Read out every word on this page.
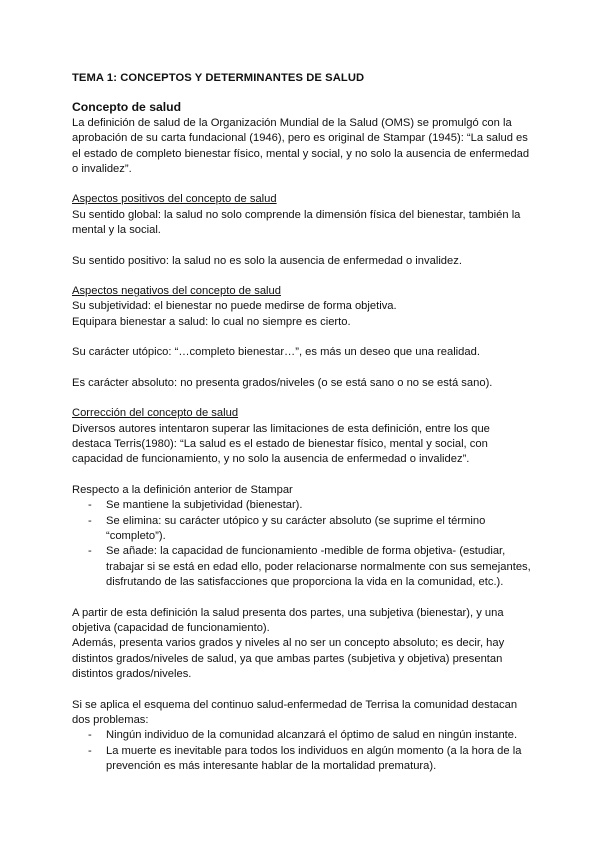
TEMA 1: CONCEPTOS Y DETERMINANTES DE SALUD

Concepto de salud

La definición de salud de la Organización Mundial de la Salud (OMS) se promulgó con la aprobación de su carta fundacional (1946), pero es original de Stampar (1945): “La salud es el estado de completo bienestar físico, mental y social, y no solo la ausencia de enfermedad o invalidez”.

Aspectos positivos del concepto de salud

Su sentido global: la salud no solo comprende la dimensión física del bienestar, también la mental y la social.

Su sentido positivo: la salud no es solo la ausencia de enfermedad o invalidez.

Aspectos negativos del concepto de salud

Su subjetividad: el bienestar no puede medirse de forma objetiva.

Equipara bienestar a salud: lo cual no siempre es cierto.

Su carácter utópico: “…completo bienestar…”, es más un deseo que una realidad.

Es carácter absoluto: no presenta grados/niveles (o se está sano o no se está sano).

Corrección del concepto de salud

Diversos autores intentaron superar las limitaciones de esta definición, entre los que destaca Terris(1980): “La salud es el estado de bienestar físico, mental y social, con capacidad de funcionamiento, y no solo la ausencia de enfermedad o invalidez”.

Respecto a la definición anterior de Stampar

- Se mantiene la subjetividad (bienestar).
- Se elimina: su carácter utópico y su carácter absoluto (se suprime el término “completo”).
- Se añade: la capacidad de funcionamiento -medible de forma objetiva- (estudiar, trabajar si se está en edad ello, poder relacionarse normalmente con sus semejantes, disfrutando de las satisfacciones que proporciona la vida en la comunidad, etc.).

A partir de esta definición la salud presenta dos partes, una subjetiva (bienestar), y una objetiva (capacidad de funcionamiento).

Además, presenta varios grados y niveles al no ser un concepto absoluto; es decir, hay distintos grados/niveles de salud, ya que ambas partes (subjetiva y objetiva) presentan distintos grados/niveles.

Si se aplica el esquema del continuo salud-enfermedad de Terrisa la comunidad destacan dos problemas:

- Ningún individuo de la comunidad alcanzará el óptimo de salud en ningún instante.
- La muerte es inevitable para todos los individuos en algún momento (a la hora de la prevención es más interesante hablar de la mortalidad prematura).
